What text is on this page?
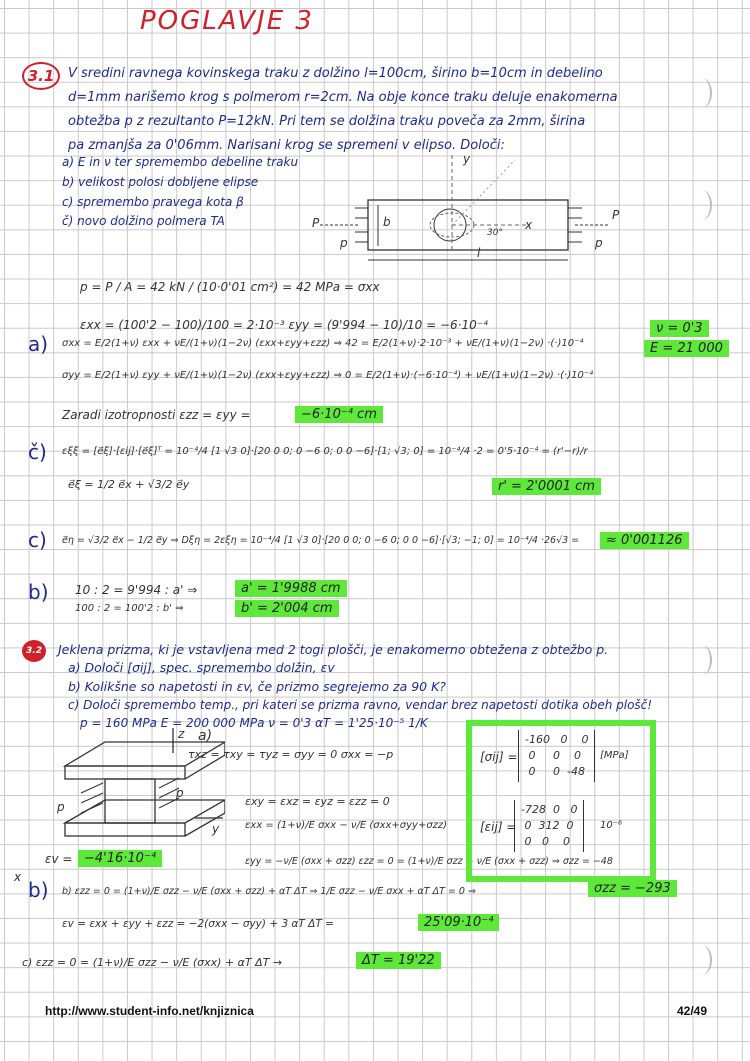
POGLAVJE 3
3.1	V sredini ravnega kovinskega traku z dolžino l=100cm, širino b=10cm in debelino
d=1mm narišemo krog s polmerom r=2cm. Na obje konce traku deluje enakomerna
obtežba p z rezultanto P=12kN. Pri tem se dolžina traku poveča za 2mm, širina
pa zmanjša za 0'06mm. Narisani krog se spremeni v elipso. Določi:
a) E in ν ter spremembo debeline traku
b) velikost polosi dobljene elipse
c) spremembo pravega kota β
č) novo dolžino polmera TA
y
x
P
P
p	p
b
l
30°
p = P / A = 42 kN / (10·0'01 cm²) = 42 MPa = σxx
εxx = (100'2 − 100)/100 = 2·10⁻³ εyy = (9'994 − 10)/10 = −6·10⁻⁴
a) σxx = E/2(1+ν) εxx + νE/(1+ν)(1−2ν) (εxx+εyy+εzz) ⇒ 42 = E/2(1+ν)·2·10⁻³ + νE/(1+ν)(1−2ν) ·(·)10⁻⁴
σyy = E/2(1+ν) εyy + νE/(1+ν)(1−2ν) (εxx+εyy+εzz) ⇒ 0 = E/2(1+ν)·(−6·10⁻⁴) + νE/(1+ν)(1−2ν) ·(·)10⁻⁴
ν = 0'3
E = 21 000
Zaradi izotropnosti εzz = εyy =	−6·10⁻⁴ cm
č) εξξ = [e⃗ξ]·[εij]·[e⃗ξ]ᵀ = 10⁻⁴/4 [1 √3 0]·[20 0 0; 0 −6 0; 0 0 −6]·[1; √3; 0] = 10⁻⁴/4 ·2 = 0'5·10⁻⁴ = (r'−r)/r
e⃗ξ = 1/2 e⃗x + √3/2 e⃗y	r' = 2'0001 cm
c) e⃗η = √3/2 e⃗x − 1/2 e⃗y ⇒ Dξη = 2εξη = 10⁻⁴/4 [1 √3 0]·[20 0 0; 0 −6 0; 0 0 −6]·[√3; −1; 0] = 10⁻⁴/4 ·26√3 =	≈ 0'001126
b) 10 : 2 = 9'994 : a' ⇒
100 : 2 = 100'2 : b' ⇒
a' = 1'9988 cm
b' = 2'004 cm
3.2	Jeklena prizma, ki je vstavljena med 2 togi plošči, je enakomerno obtežena z obtežbo p.
a) Določi [σij], spec. spremembo dolžin, εv
b) Kolikšne so napetosti in εv, če prizmo segrejemo za 90 K?
c) Določi spremembo temp., pri kateri se prizma ravno, vendar brez napetosti dotika obeh plošč!
p = 160 MPa E = 200 000 MPa ν = 0'3 αT = 1'25·10⁻⁵ 1/K
z
y
x
p
p
a)
τxz = τxy = τyz = σyy = 0 σxx = −p
εxy = εxz = εyz = εzz = 0
εxx = (1+ν)/E σxx − ν/E (σxx+σyy+σzz)
εyy = −ν/E (σxx + σzz) εzz = 0 = (1+ν)/E σzz − ν/E (σxx + σzz) ⇒ σzz = −48
[σij] =
-160 0 0
0 0 0
0 0 -48
[MPa]
[εij] =
-728 0 0
0 312 0
0 0 0
10⁻⁶
εv = −4'16·10⁻⁴
b) b) εzz = 0 = (1+ν)/E σzz − ν/E (σxx + σzz) + αT ΔT ⇒ 1/E σzz − ν/E σxx + αT ΔT = 0 ⇒	σzz = −293
εv = εxx + εyy + εzz = −2(σxx − σyy) + 3 αT ΔT =	25'09·10⁻⁴
c) εzz = 0 = (1+ν)/E σzz − ν/E (σxx) + αT ΔT →	ΔT = 19'22
http://www.student-info.net/knjiznica	42/49
